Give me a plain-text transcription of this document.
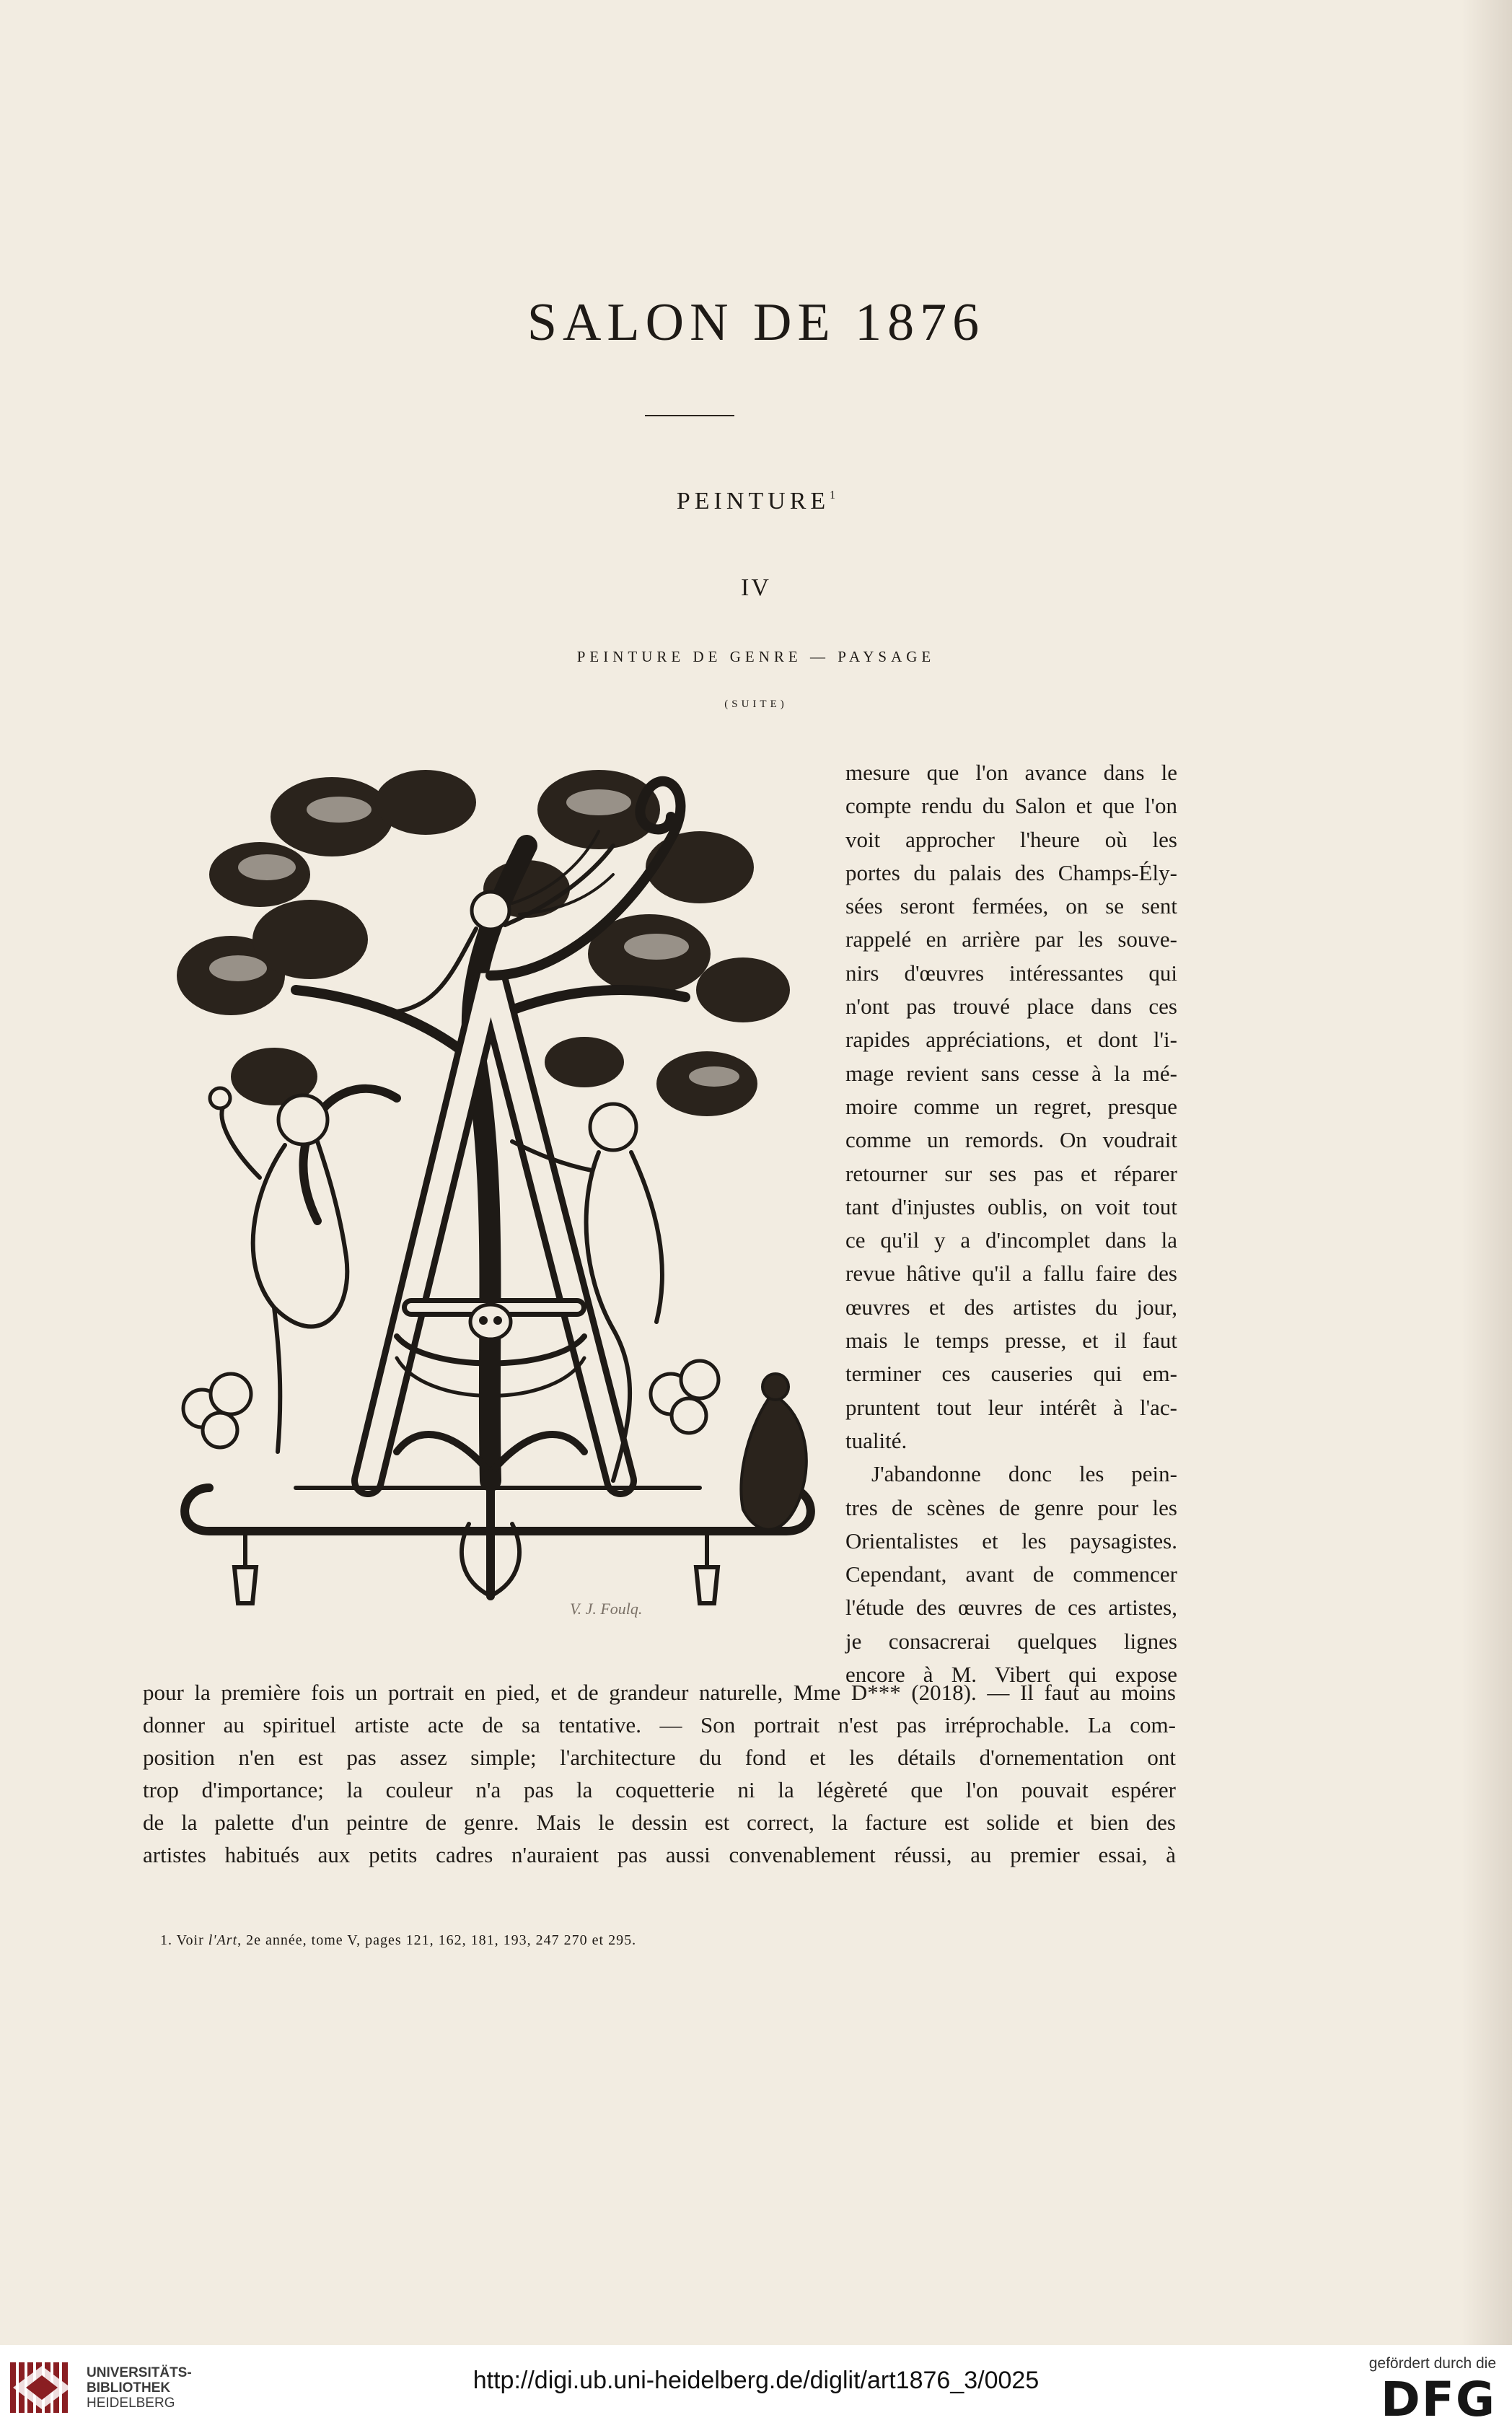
SALON DE 1876
PEINTURE$^1$
IV
PEINTURE DE GENRE — PAYSAGE
(SUITE)
V. J. Foulq.
mesure que l'on avance dans le
compte rendu du Salon et que l'on
voit approcher l'heure où les
portes du palais des Champs-Ély-
sées seront fermées, on se sent
rappelé en arrière par les souve-
nirs d'œuvres intéressantes qui
n'ont pas trouvé place dans ces
rapides appréciations, et dont l'i-
mage revient sans cesse à la mé-
moire comme un regret, presque
comme un remords. On voudrait
retourner sur ses pas et réparer
tant d'injustes oublis, on voit tout
ce qu'il y a d'incomplet dans la
revue hâtive qu'il a fallu faire des
œuvres et des artistes du jour,
mais le temps presse, et il faut
terminer ces causeries qui em-
pruntent tout leur intérêt à l'ac-
tualité.
J'abandonne donc les pein-
tres de scènes de genre pour les
Orientalistes et les paysagistes.
Cependant, avant de commencer
l'étude des œuvres de ces artistes,
je consacrerai quelques lignes
encore à M. Vibert qui expose
pour la première fois un portrait en pied, et de grandeur naturelle, Mme D*** (2018). — Il faut au moins
donner au spirituel artiste acte de sa tentative. — Son portrait n'est pas irréprochable. La com-
position n'en est pas assez simple; l'architecture du fond et les détails d'ornementation ont
trop d'importance; la couleur n'a pas la coquetterie ni la légèreté que l'on pouvait espérer
de la palette d'un peintre de genre. Mais le dessin est correct, la facture est solide et bien des
artistes habitués aux petits cadres n'auraient pas aussi convenablement réussi, au premier essai, à
1. Voir l'Art, 2e année, tome V, pages 121, 162, 181, 193, 247 270 et 295.
UNIVERSITÄTS-
BIBLIOTHEK
HEIDELBERG
http://digi.ub.uni-heidelberg.de/diglit/art1876_3/0025
gefördert durch die
DFG
